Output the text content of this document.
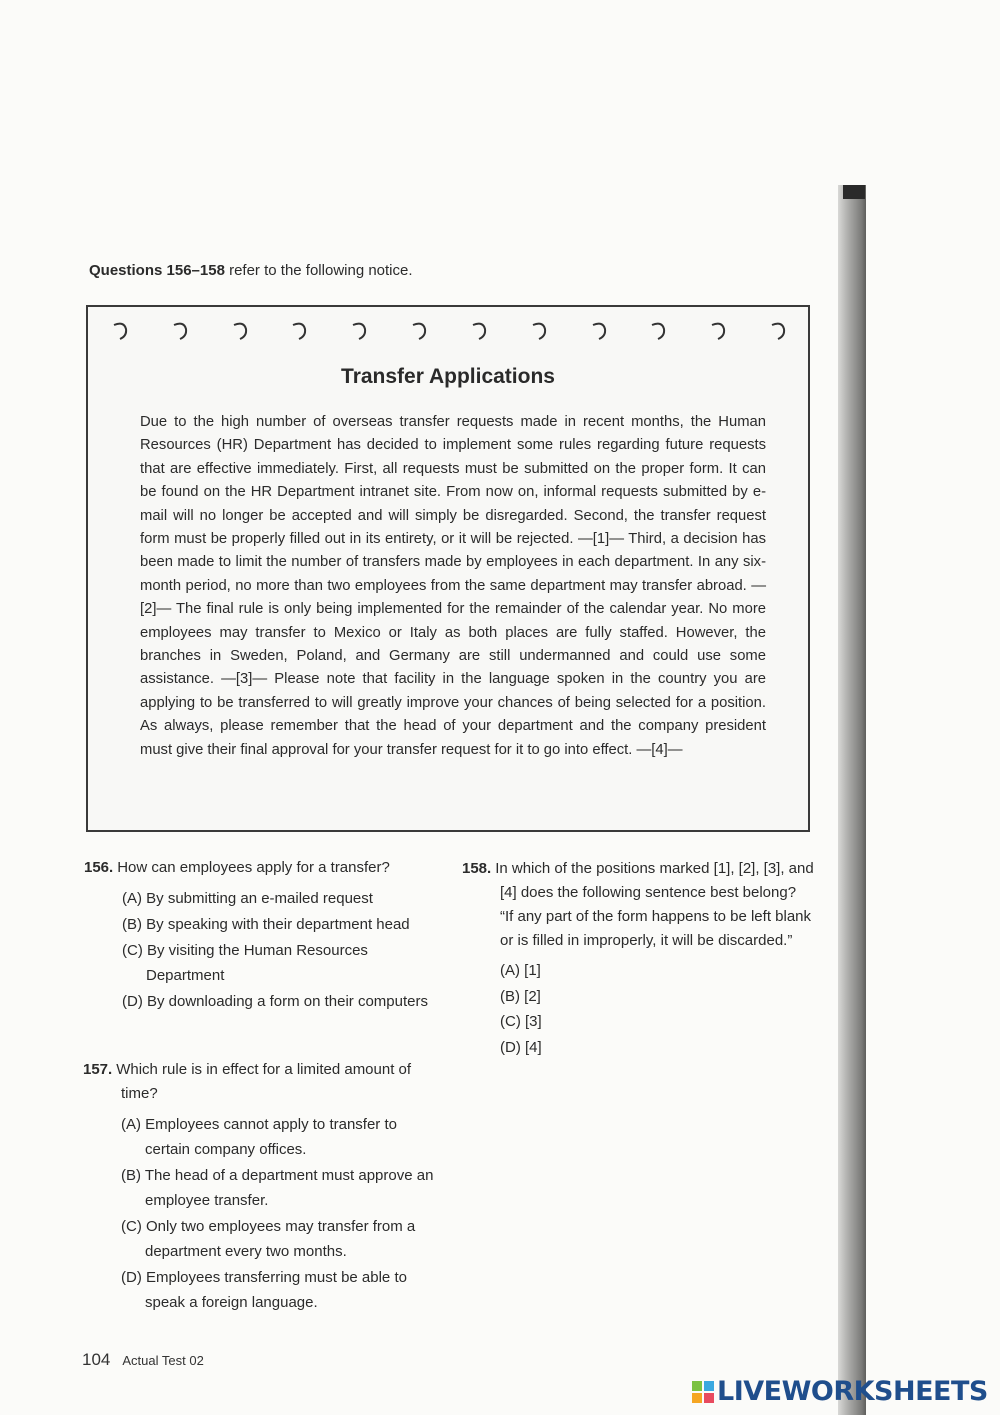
Questions 156–158 refer to the following notice.
Transfer Applications
Due to the high number of overseas transfer requests made in recent months, the Human Resources (HR) Department has decided to implement some rules regarding future requests that are effective immediately. First, all requests must be submitted on the proper form. It can be found on the HR Department intranet site. From now on, informal requests submitted by e-mail will no longer be accepted and will simply be disregarded. Second, the transfer request form must be properly filled out in its entirety, or it will be rejected. —[1]— Third, a decision has been made to limit the number of transfers made by employees in each department. In any six-month period, no more than two employees from the same department may transfer abroad. —[2]— The final rule is only being implemented for the remainder of the calendar year. No more employees may transfer to Mexico or Italy as both places are fully staffed. However, the branches in Sweden, Poland, and Germany are still undermanned and could use some assistance. —[3]— Please note that facility in the language spoken in the country you are applying to be transferred to will greatly improve your chances of being selected for a position. As always, please remember that the head of your department and the company president must give their final approval for your transfer request for it to go into effect. —[4]—
156. How can employees apply for a transfer?
(A) By submitting an e-mailed request
(B) By speaking with their department head
(C) By visiting the Human Resources Department
(D) By downloading a form on their computers
157. Which rule is in effect for a limited amount of time?
(A) Employees cannot apply to transfer to certain company offices.
(B) The head of a department must approve an employee transfer.
(C) Only two employees may transfer from a department every two months.
(D) Employees transferring must be able to speak a foreign language.
158. In which of the positions marked [1], [2], [3], and [4] does the following sentence best belong?
“If any part of the form happens to be left blank or is filled in improperly, it will be discarded.”
(A) [1]
(B) [2]
(C) [3]
(D) [4]
104 Actual Test 02
LIVEWORKSHEETS
